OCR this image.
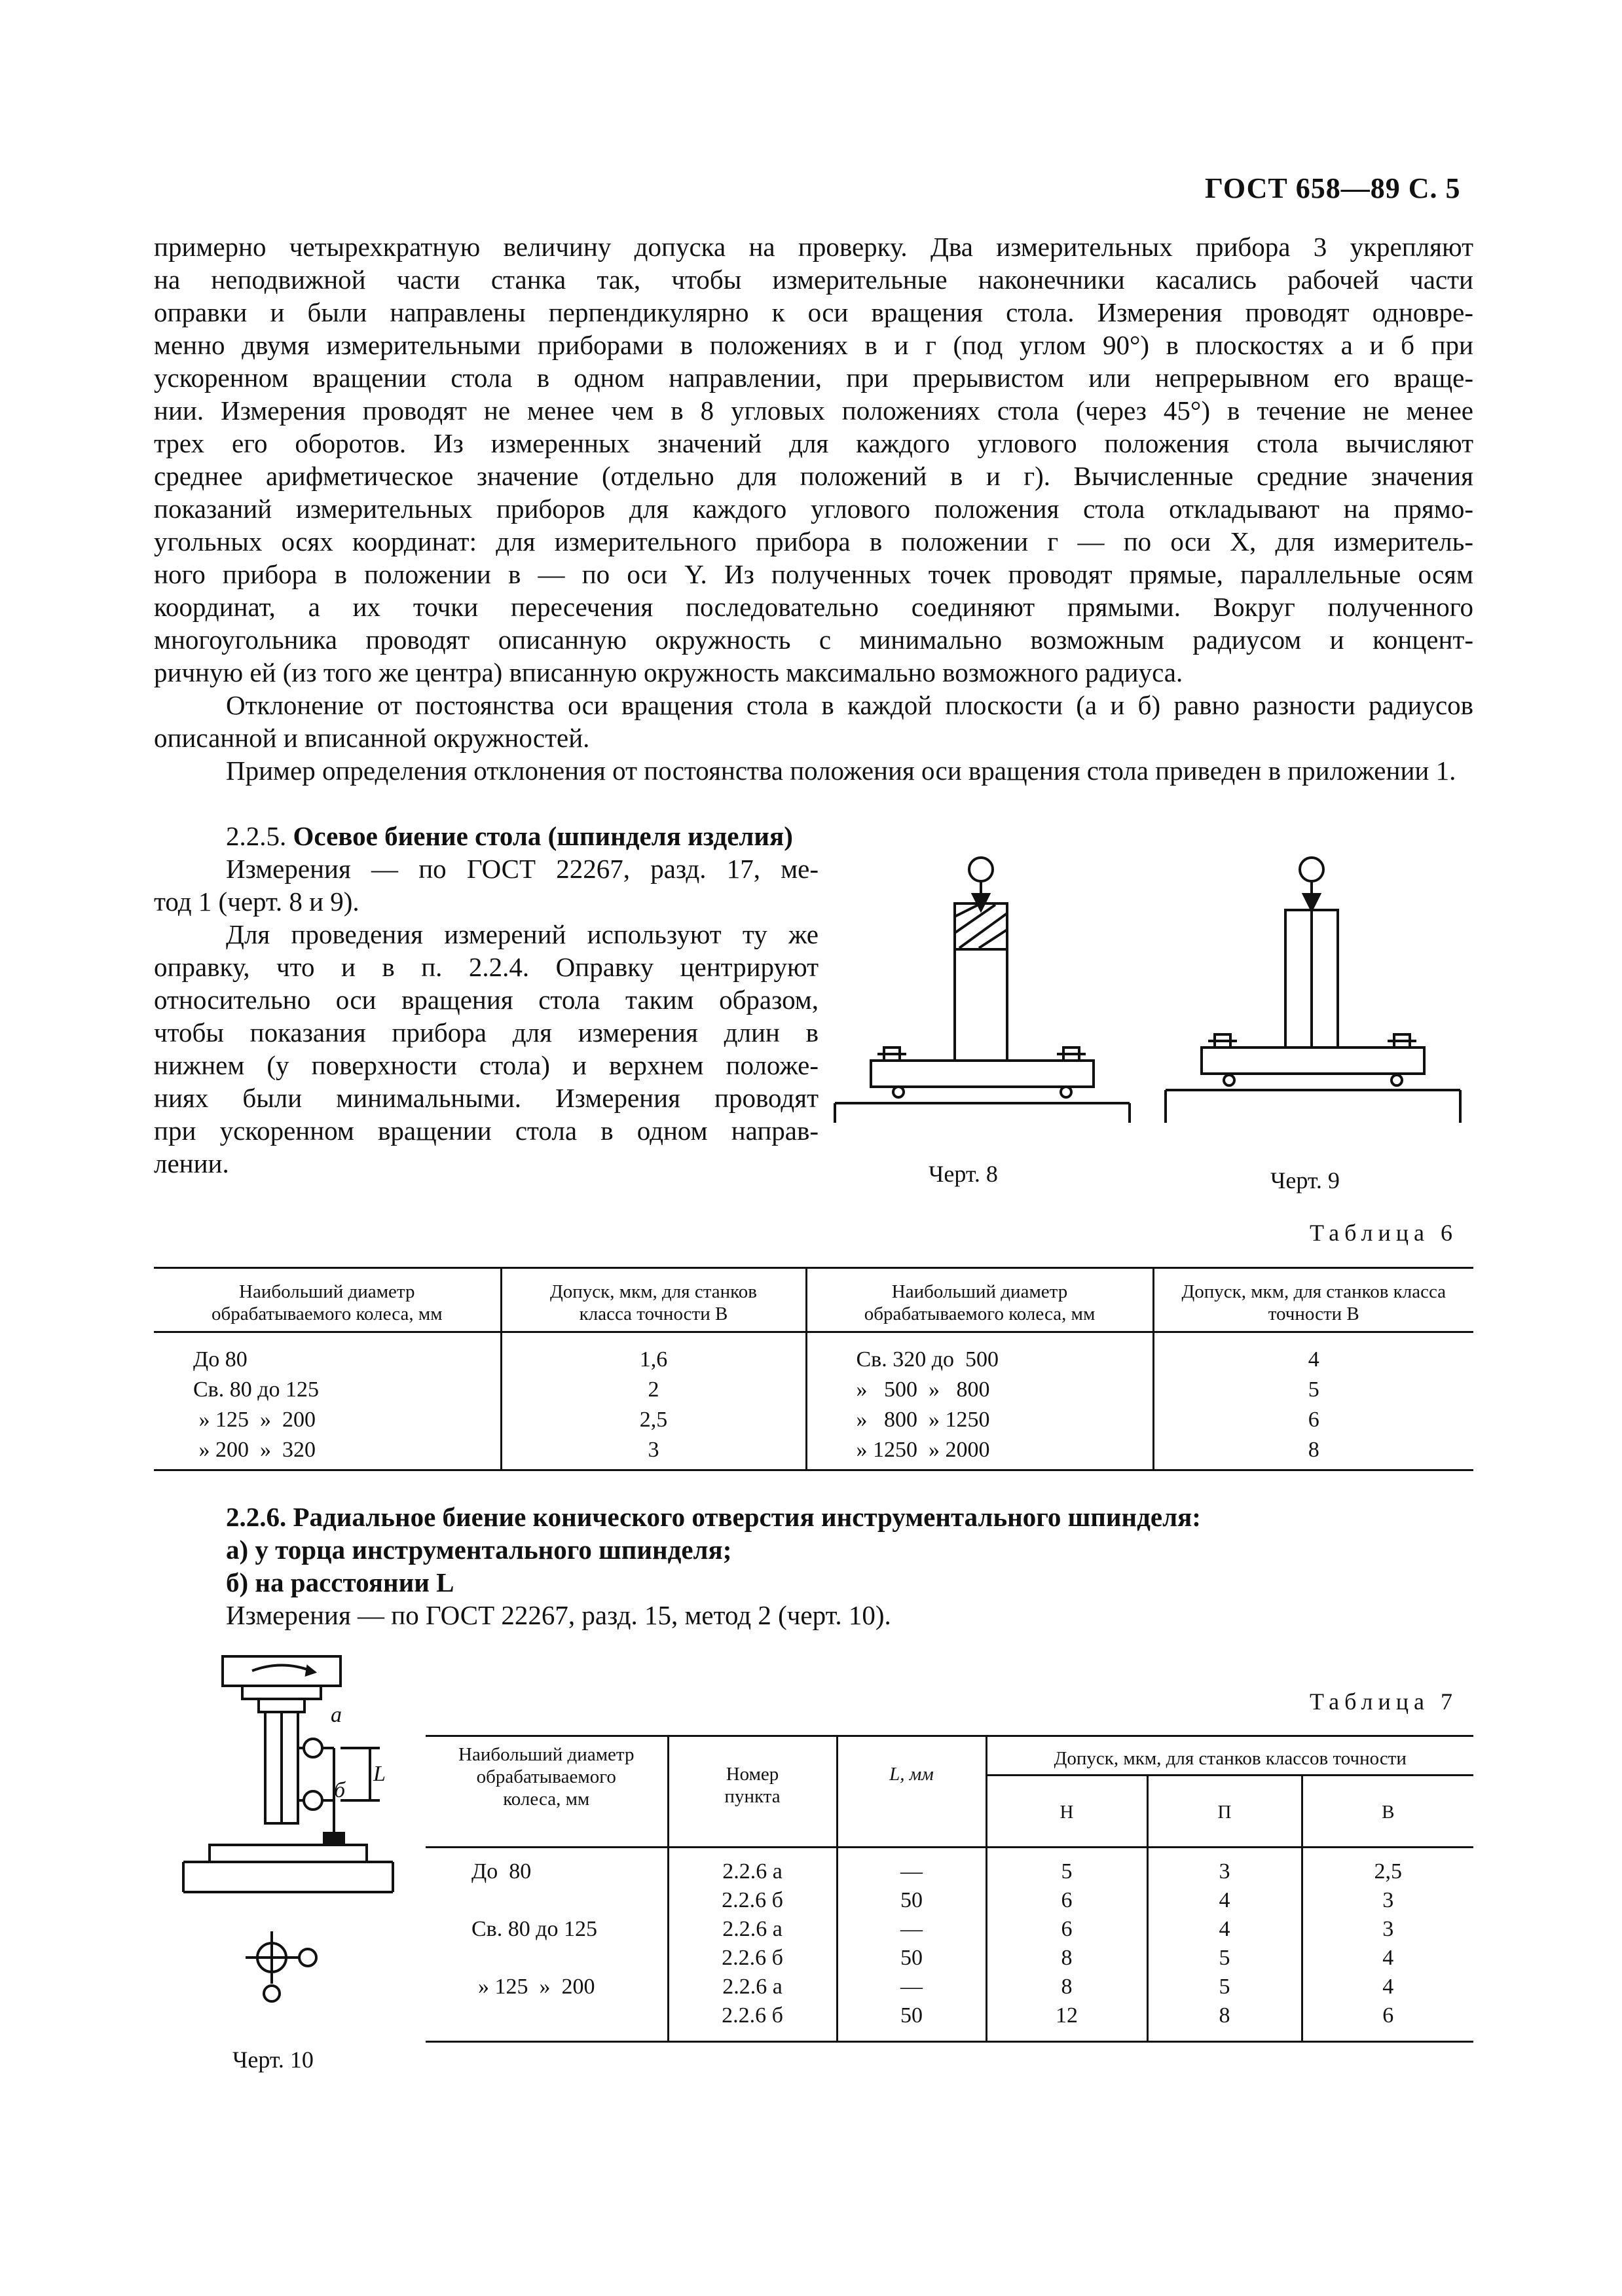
ГОСТ 658—89 С. 5
примерно четырехкратную величину допуска на проверку. Два измерительных прибора 3 укрепляют
на неподвижной части станка так, чтобы измерительные наконечники касались рабочей части
оправки и были направлены перпендикулярно к оси вращения стола. Измерения проводят одновре-
менно двумя измерительными приборами в положениях в и г (под углом 90°) в плоскостях а и б при
ускоренном вращении стола в одном направлении, при прерывистом или непрерывном его враще-
нии. Измерения проводят не менее чем в 8 угловых положениях стола (через 45°) в течение не менее
трех его оборотов. Из измеренных значений для каждого углового положения стола вычисляют
среднее арифметическое значение (отдельно для положений в и г). Вычисленные средние значения
показаний измерительных приборов для каждого углового положения стола откладывают на прямо-
угольных осях координат: для измерительного прибора в положении г — по оси X, для измеритель-
ного прибора в положении в — по оси Y. Из полученных точек проводят прямые, параллельные осям
координат, а их точки пересечения последовательно соединяют прямыми. Вокруг полученного
многоугольника проводят описанную окружность с минимально возможным радиусом и концент-
ричную ей (из того же центра) вписанную окружность максимально возможного радиуса.
Отклонение от постоянства оси вращения стола в каждой плоскости (а и б) равно разности радиусов описанной и вписанной окружностей.
Пример определения отклонения от постоянства положения оси вращения стола приведен в приложении 1.
2.2.5. Осевое биение стола (шпинделя изделия)
Измерения — по ГОСТ 22267, разд. 17, ме-
тод 1 (черт. 8 и 9).
Для проведения измерений используют ту же
оправку, что и в п. 2.2.4. Оправку центрируют
относительно оси вращения стола таким образом,
чтобы показания прибора для измерения длин в
нижнем (у поверхности стола) и верхнем положе-
ниях были минимальными. Измерения проводят
при ускоренном вращении стола в одном направ-
лении.	Черт. 8	Черт. 9
Таблица 6
Наибольший диаметр обрабатываемого колеса, мм	Допуск, мкм, для станков класса точности В	Наибольший диаметр обрабатываемого колеса, мм	Допуск, мкм, для станков класса точности В
До 80	1,6	Св. 320 до  500	4
Св. 80 до 125	2	»   500  »   800	5
» 125  »  200	2,5	»   800  » 1250	6
» 200  »  320	3	» 1250  » 2000	8
2.2.6. Радиальное биение конического отверстия инструментального шпинделя:
а) у торца инструментального шпинделя;
б) на расстоянии L
Измерения — по ГОСТ 22267, разд. 15, метод 2 (черт. 10).
а
б
L
Черт. 10
Таблица 7
Наибольший диаметр обрабатываемого колеса, мм	Номер пункта	L, мм	Допуск, мкм, для станков классов точности		
			Н	П	В
До  80	2.2.6 а	—	5	3	2,5
	2.2.6 б	50	6	4	3
Св. 80 до 125	2.2.6 а	—	6	4	3
	2.2.6 б	50	8	5	4
» 125  »  200	2.2.6 а	—	8	5	4
	2.2.6 б	50	12	8	6
